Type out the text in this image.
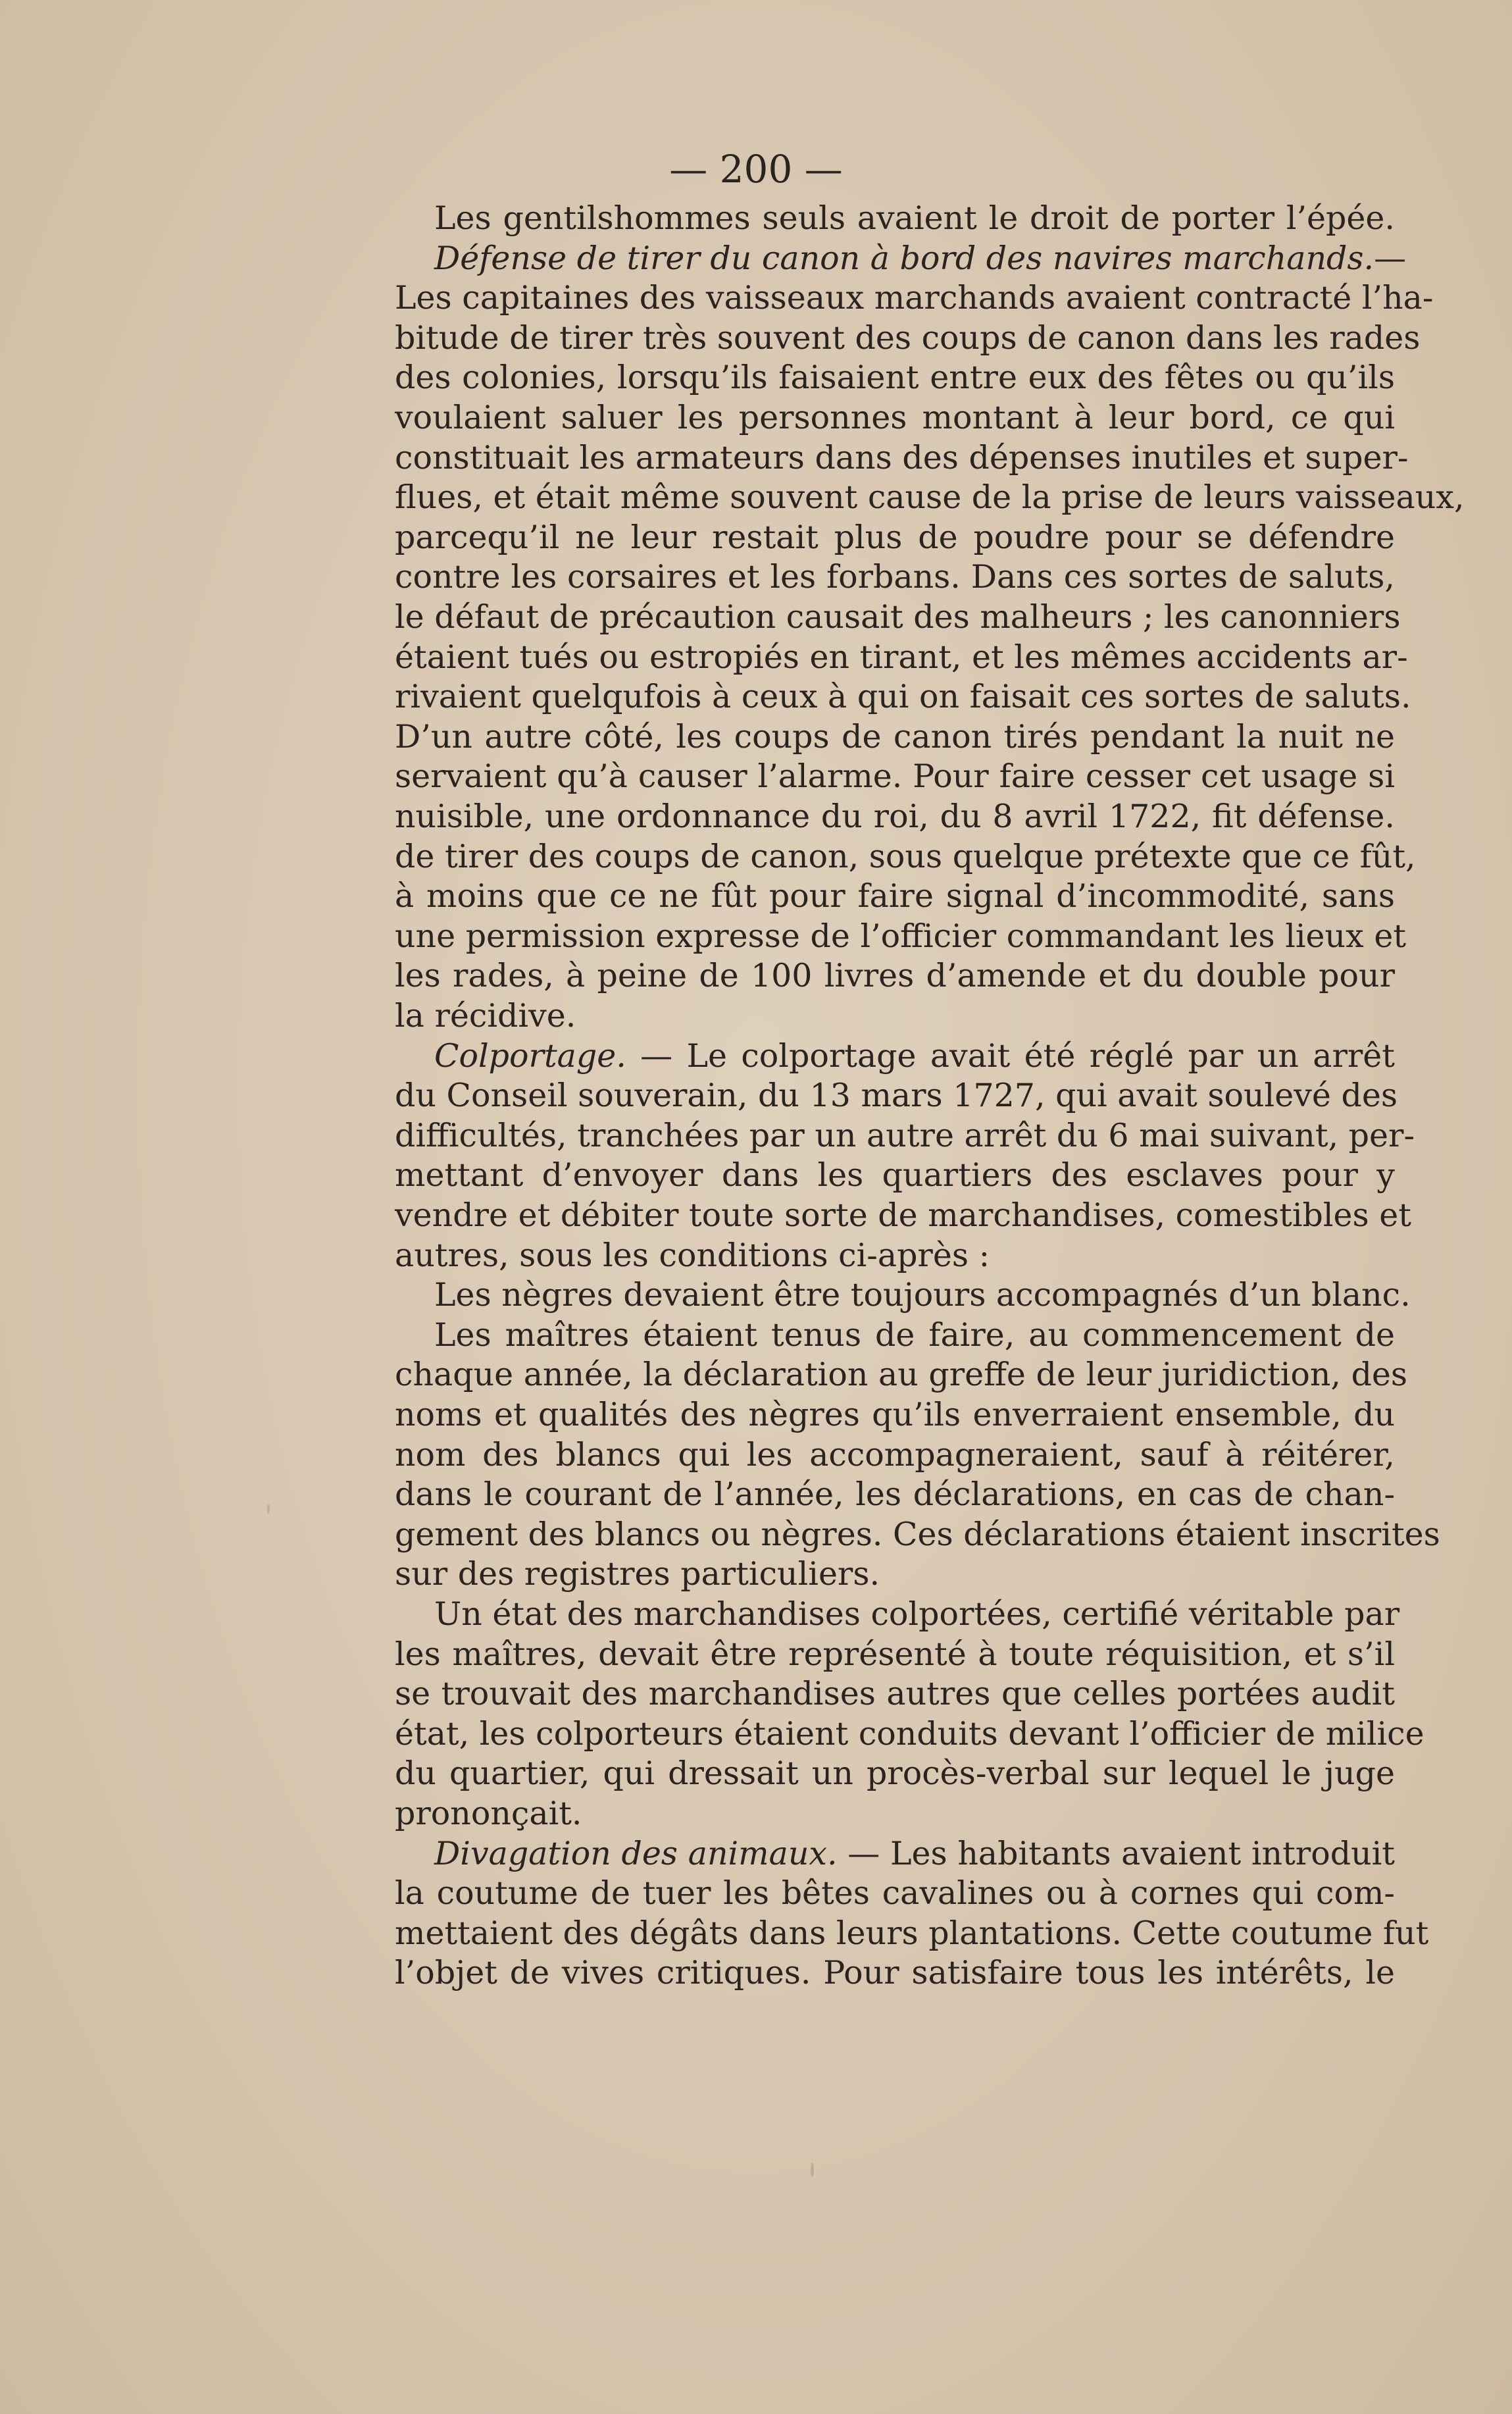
— 200 —
Les gentilshommes seuls avaient le droit de porter l’épée.
Défense de tirer du canon à bord des navires marchands.—
Les capitaines des vaisseaux marchands avaient contracté l’ha-
bitude de tirer très souvent des coups de canon dans les rades
des colonies, lorsqu’ils faisaient entre eux des fêtes ou qu’ils
voulaient saluer les personnes montant à leur bord, ce qui
constituait les armateurs dans des dépenses inutiles et super-
flues, et était même souvent cause de la prise de leurs vaisseaux,
parcequ’il ne leur restait plus de poudre pour se défendre
contre les corsaires et les forbans. Dans ces sortes de saluts,
le défaut de précaution causait des malheurs ; les canonniers
étaient tués ou estropiés en tirant, et les mêmes accidents ar-
rivaient quelqufois à ceux à qui on faisait ces sortes de saluts.
D’un autre côté, les coups de canon tirés pendant la nuit ne
servaient qu’à causer l’alarme. Pour faire cesser cet usage si
nuisible, une ordonnance du roi, du 8 avril 1722, fit défense.
de tirer des coups de canon, sous quelque prétexte que ce fût,
à moins que ce ne fût pour faire signal d’incommodité, sans
une permission expresse de l’officier commandant les lieux et
les rades, à peine de 100 livres d’amende et du double pour
la récidive.
Colportage. — Le colportage avait été réglé par un arrêt
du Conseil souverain, du 13 mars 1727, qui avait soulevé des
difficultés, tranchées par un autre arrêt du 6 mai suivant, per-
mettant d’envoyer dans les quartiers des esclaves pour y
vendre et débiter toute sorte de marchandises, comestibles et
autres, sous les conditions ci-après :
Les nègres devaient être toujours accompagnés d’un blanc.
Les maîtres étaient tenus de faire, au commencement de
chaque année, la déclaration au greffe de leur juridiction, des
noms et qualités des nègres qu’ils enverraient ensemble, du
nom des blancs qui les accompagneraient, sauf à réitérer,
dans le courant de l’année, les déclarations, en cas de chan-
gement des blancs ou nègres. Ces déclarations étaient inscrites
sur des registres particuliers.
Un état des marchandises colportées, certifié véritable par
les maîtres, devait être représenté à toute réquisition, et s’il
se trouvait des marchandises autres que celles portées audit
état, les colporteurs étaient conduits devant l’officier de milice
du quartier, qui dressait un procès-verbal sur lequel le juge
prononçait.
Divagation des animaux. — Les habitants avaient introduit
la coutume de tuer les bêtes cavalines ou à cornes qui com-
mettaient des dégâts dans leurs plantations. Cette coutume fut
l’objet de vives critiques. Pour satisfaire tous les intérêts, le
